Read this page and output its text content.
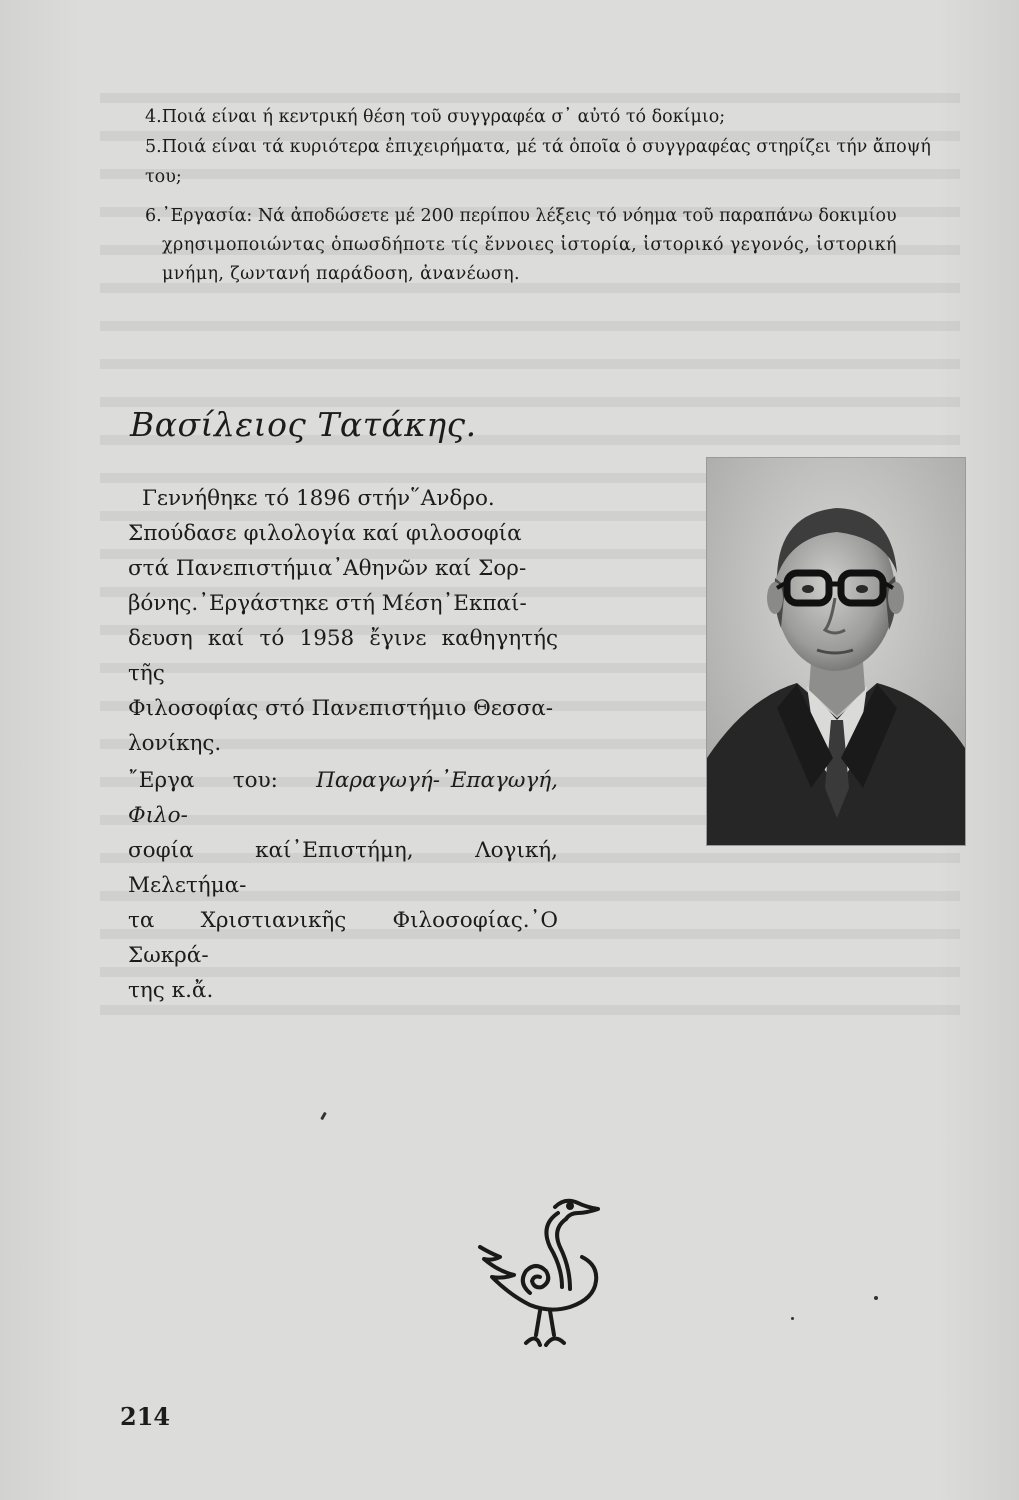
4.Ποιά είναι ή κεντρική θέση τοῦ συγγραφέα σ᾽ αὐτό τό δοκίμιο;

5.Ποιά είναι τά κυριότερα ἐπιχειρήματα, μέ τά ὁποῖα ὁ συγγραφέας στηρίζει τήν ἄποψή

του;

6.᾽Εργασία: Νά ἀποδώσετε μέ 200 περίπου λέξεις τό νόημα τοῦ παραπάνω δοκιμίου
χρησιμοποιώντας ὁπωσδήποτε τίς ἔννοιες ἱστορία, ἱστορικό γεγονός, ἱστορική
μνήμη, ζωντανή παράδοση, ἀνανέωση.
Βασίλειος Τατάκης.

Γεννήθηκε τό 1896 στήν῞Ανδρο.

Σπούδασε φιλολογία καί φιλοσοφία

στά Πανεπιστήμια᾽Αθηνῶν καί Σορ-

βόνης.᾽Εργάστηκε στή Μέση᾽Εκπαί-

δευση καί τό 1958 ἔγινε καθηγητής τῆς

Φιλοσοφίας στό Πανεπιστήμιο Θεσσα-

λονίκης.

῎Εργα του: Παραγωγή-᾽Επαγωγή, Φιλο-

σοφία καί᾽Επιστήμη, Λογική, Μελετήμα-

τα Χριστιανικῆς Φιλοσοφίας.᾽Ο Σωκρά-

της κ.ἄ.

214
